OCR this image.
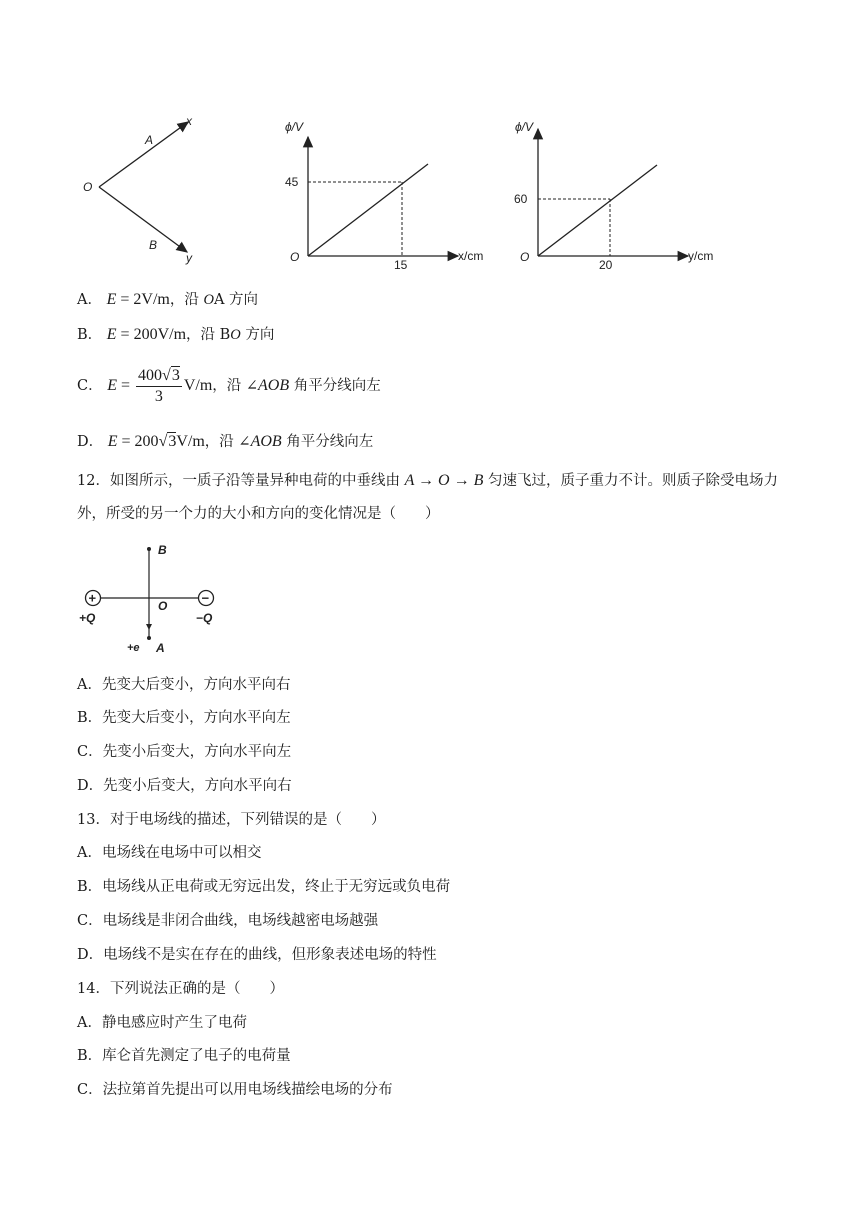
O
A
B
x
y
ϕ/V
45
O
15
x/cm
ϕ/V
60
O
20
y/cm
A． E = 2V/m，沿 OA 方向
B． E = 200V/m，沿 BO 方向
C． $E = \frac{400√3}{3} V/m$，沿 ∠AOB 角平分线向左
D． E = 200√3V/m，沿 ∠AOB 角平分线向左
12．如图所示，一质子沿等量异种电荷的中垂线由 A → O → B 匀速飞过，质子重力不计。则质子除受电场力外，所受的另一个力的大小和方向的变化情况是（　　）
+	−
B
O
A
+Q	−Q
+e
A．先变大后变小，方向水平向右
B．先变大后变小，方向水平向左
C．先变小后变大，方向水平向左
D．先变小后变大，方向水平向右
13．对于电场线的描述，下列错误的是（　　）
A．电场线在电场中可以相交
B．电场线从正电荷或无穷远出发，终止于无穷远或负电荷
C．电场线是非闭合曲线，电场线越密电场越强
D．电场线不是实在存在的曲线，但形象表述电场的特性
14．下列说法正确的是（　　）
A．静电感应时产生了电荷
B．库仑首先测定了电子的电荷量
C．法拉第首先提出可以用电场线描绘电场的分布
